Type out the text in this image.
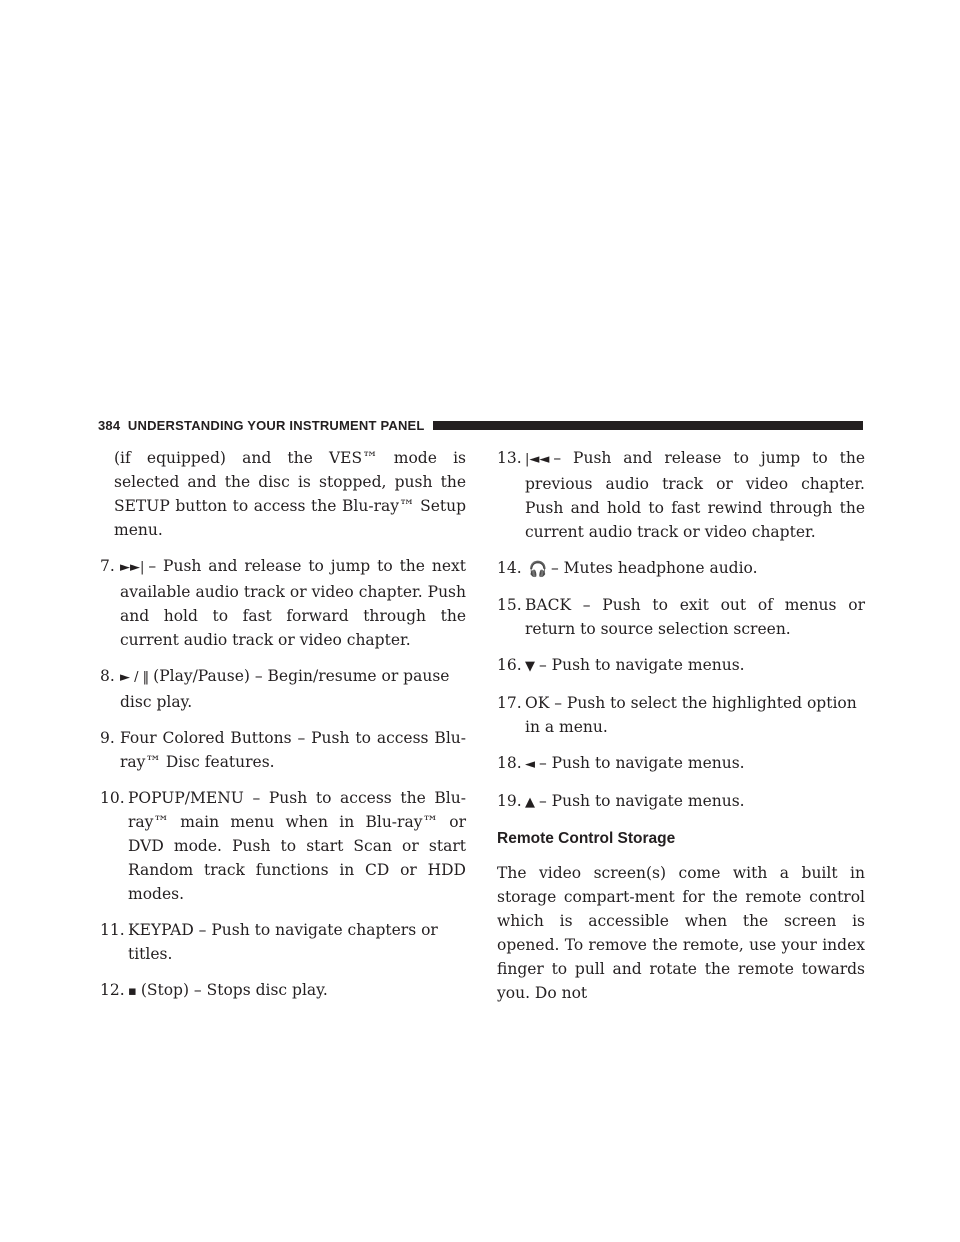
384 UNDERSTANDING YOUR INSTRUMENT PANEL
(if equipped) and the VES™ mode is selected and the disc is stopped, push the SETUP button to access the Blu-ray™ Setup menu.
7. ►►| – Push and release to jump to the next available audio track or video chapter. Push and hold to fast forward through the current audio track or video chapter.
8. ► / ‖ (Play/Pause) – Begin/resume or pause disc play.
9. Four Colored Buttons – Push to access Blu-ray™ Disc features.
10. POPUP/MENU – Push to access the Blu-ray™ main menu when in Blu-ray™ or DVD mode. Push to start Scan or start Random track functions in CD or HDD modes.
11. KEYPAD – Push to navigate chapters or titles.
12. ▪ (Stop) – Stops disc play.
13. |◄◄ – Push and release to jump to the previous audio track or video chapter. Push and hold to fast rewind through the current audio track or video chapter.
14. 🎧 – Mutes headphone audio.
15. BACK – Push to exit out of menus or return to source selection screen.
16. ▼ – Push to navigate menus.
17. OK – Push to select the highlighted option in a menu.
18. ◄ – Push to navigate menus.
19. ▲ – Push to navigate menus.
Remote Control Storage
The video screen(s) come with a built in storage compart-ment for the remote control which is accessible when the screen is opened. To remove the remote, use your index finger to pull and rotate the remote towards you. Do not
